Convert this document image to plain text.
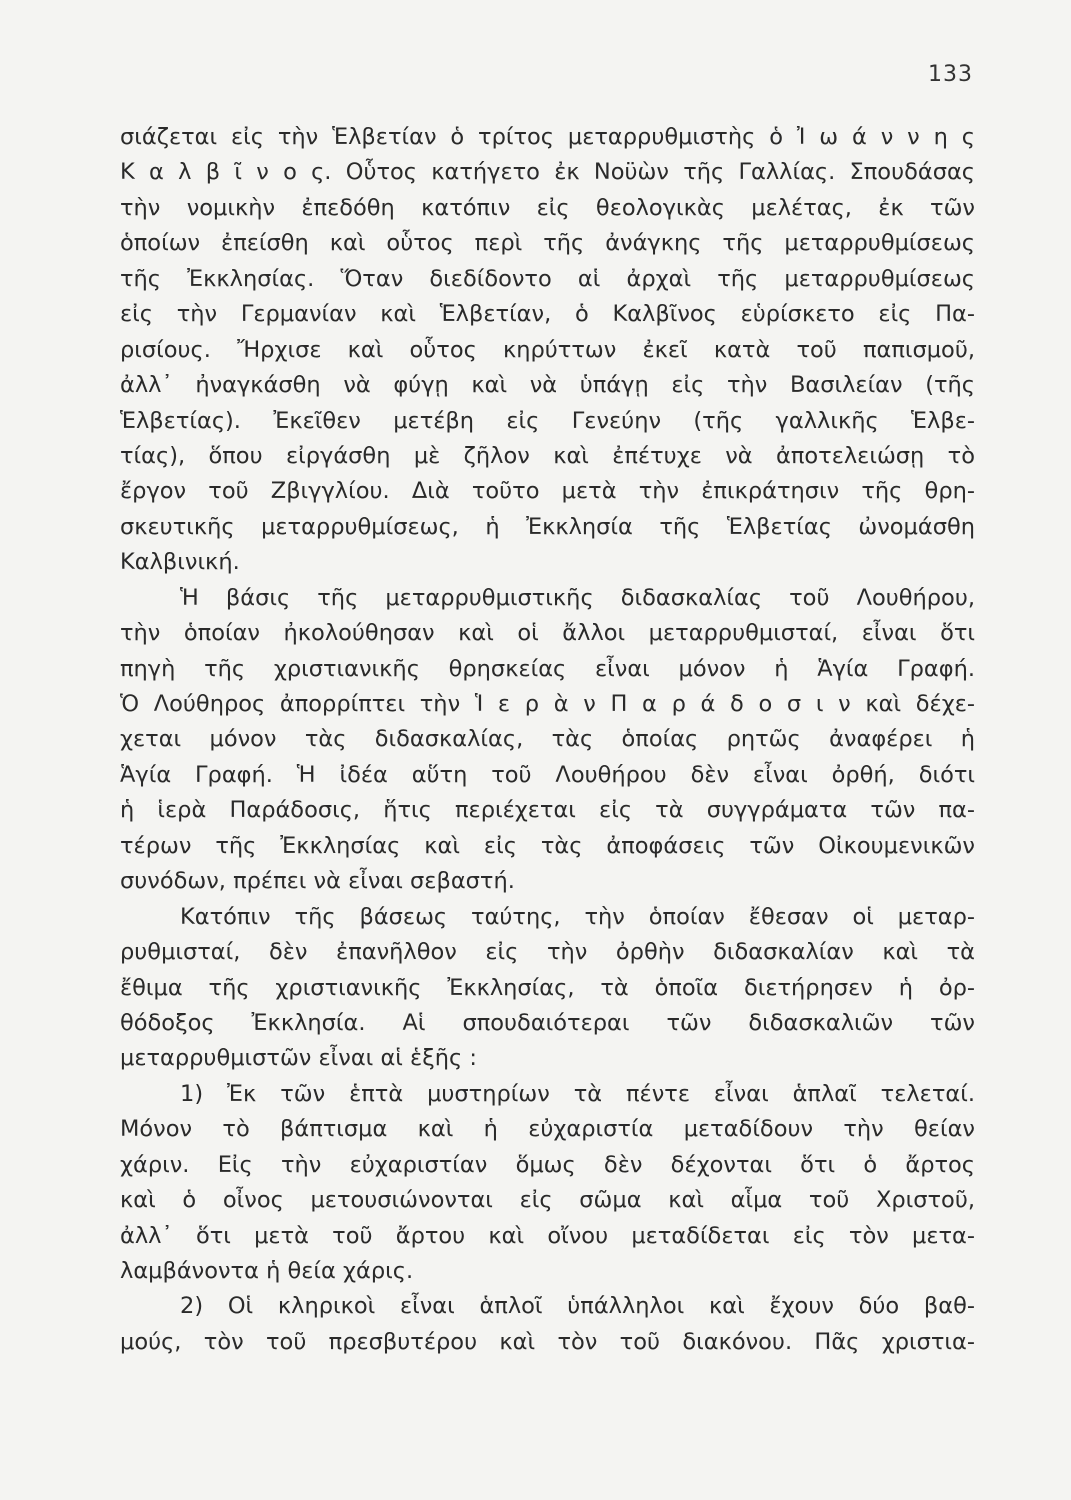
133
σιάζεται εἰς τὴν Ἑλβετίαν ὁ τρίτος μεταρρυθμιστὴς ὁ Ἰ ω ά ν ν η ς
Κ α λ β ῖ ν ο ς. Οὗτος κατήγετο ἐκ Νοϋὼν τῆς Γαλλίας. Σπουδάσας
τὴν νομικὴν ἐπεδόθη κατόπιν εἰς θεολογικὰς μελέτας, ἐκ τῶν
ὁποίων ἐπείσθη καὶ οὗτος περὶ τῆς ἀνάγκης τῆς μεταρρυθμίσεως
τῆς Ἐκκλησίας. Ὅταν διεδίδοντο αἱ ἀρχαὶ τῆς μεταρρυθμίσεως
εἰς τὴν Γερμανίαν καὶ Ἑλβετίαν, ὁ Καλβῖνος εὑρίσκετο εἰς Πα-
ρισίους. Ἤρχισε καὶ οὗτος κηρύττων ἐκεῖ κατὰ τοῦ παπισμοῦ,
ἀλλ᾽ ἠναγκάσθη νὰ φύγῃ καὶ νὰ ὑπάγῃ εἰς τὴν Βασιλείαν (τῆς
Ἑλβετίας). Ἐκεῖθεν μετέβη εἰς Γενεύην (τῆς γαλλικῆς Ἑλβε-
τίας), ὅπου εἰργάσθη μὲ ζῆλον καὶ ἐπέτυχε νὰ ἀποτελειώσῃ τὸ
ἔργον τοῦ Ζβιγγλίου. Διὰ τοῦτο μετὰ τὴν ἐπικράτησιν τῆς θρη-
σκευτικῆς μεταρρυθμίσεως, ἡ Ἐκκλησία τῆς Ἑλβετίας ὠνομάσθη
Καλβινική.
Ἡ βάσις τῆς μεταρρυθμιστικῆς διδασκαλίας τοῦ Λουθήρου,
τὴν ὁποίαν ἠκολούθησαν καὶ οἱ ἄλλοι μεταρρυθμισταί, εἶναι ὅτι
πηγὴ τῆς χριστιανικῆς θρησκείας εἶναι μόνον ἡ Ἁγία Γραφή.
Ὁ Λούθηρος ἀπορρίπτει τὴν Ἱ ε ρ ὰ ν Π α ρ ά δ ο σ ι ν καὶ δέχε-
χεται μόνον τὰς διδασκαλίας, τὰς ὁποίας ρητῶς ἀναφέρει ἡ
Ἁγία Γραφή. Ἡ ἰδέα αὕτη τοῦ Λουθήρου δὲν εἶναι ὀρθή, διότι
ἡ ἱερὰ Παράδοσις, ἥτις περιέχεται εἰς τὰ συγγράματα τῶν πα-
τέρων τῆς Ἐκκλησίας καὶ εἰς τὰς ἀποφάσεις τῶν Οἰκουμενικῶν
συνόδων, πρέπει νὰ εἶναι σεβαστή.
Κατόπιν τῆς βάσεως ταύτης, τὴν ὁποίαν ἔθεσαν οἱ μεταρ-
ρυθμισταί, δὲν ἐπανῆλθον εἰς τὴν ὀρθὴν διδασκαλίαν καὶ τὰ
ἔθιμα τῆς χριστιανικῆς Ἐκκλησίας, τὰ ὁποῖα διετήρησεν ἡ ὀρ-
θόδοξος Ἐκκλησία. Αἱ σπουδαιότεραι τῶν διδασκαλιῶν τῶν
μεταρρυθμιστῶν εἶναι αἱ ἑξῆς :
1) Ἐκ τῶν ἑπτὰ μυστηρίων τὰ πέντε εἶναι ἁπλαῖ τελεταί.
Μόνον τὸ βάπτισμα καὶ ἡ εὐχαριστία μεταδίδουν τὴν θείαν
χάριν. Εἰς τὴν εὐχαριστίαν ὅμως δὲν δέχονται ὅτι ὁ ἄρτος
καὶ ὁ οἶνος μετουσιώνονται εἰς σῶμα καὶ αἷμα τοῦ Χριστοῦ,
ἀλλ᾽ ὅτι μετὰ τοῦ ἄρτου καὶ οἴνου μεταδίδεται εἰς τὸν μετα-
λαμβάνοντα ἡ θεία χάρις.
2) Οἱ κληρικοὶ εἶναι ἁπλοῖ ὑπάλληλοι καὶ ἔχουν δύο βαθ-
μούς, τὸν τοῦ πρεσβυτέρου καὶ τὸν τοῦ διακόνου. Πᾶς χριστια-
